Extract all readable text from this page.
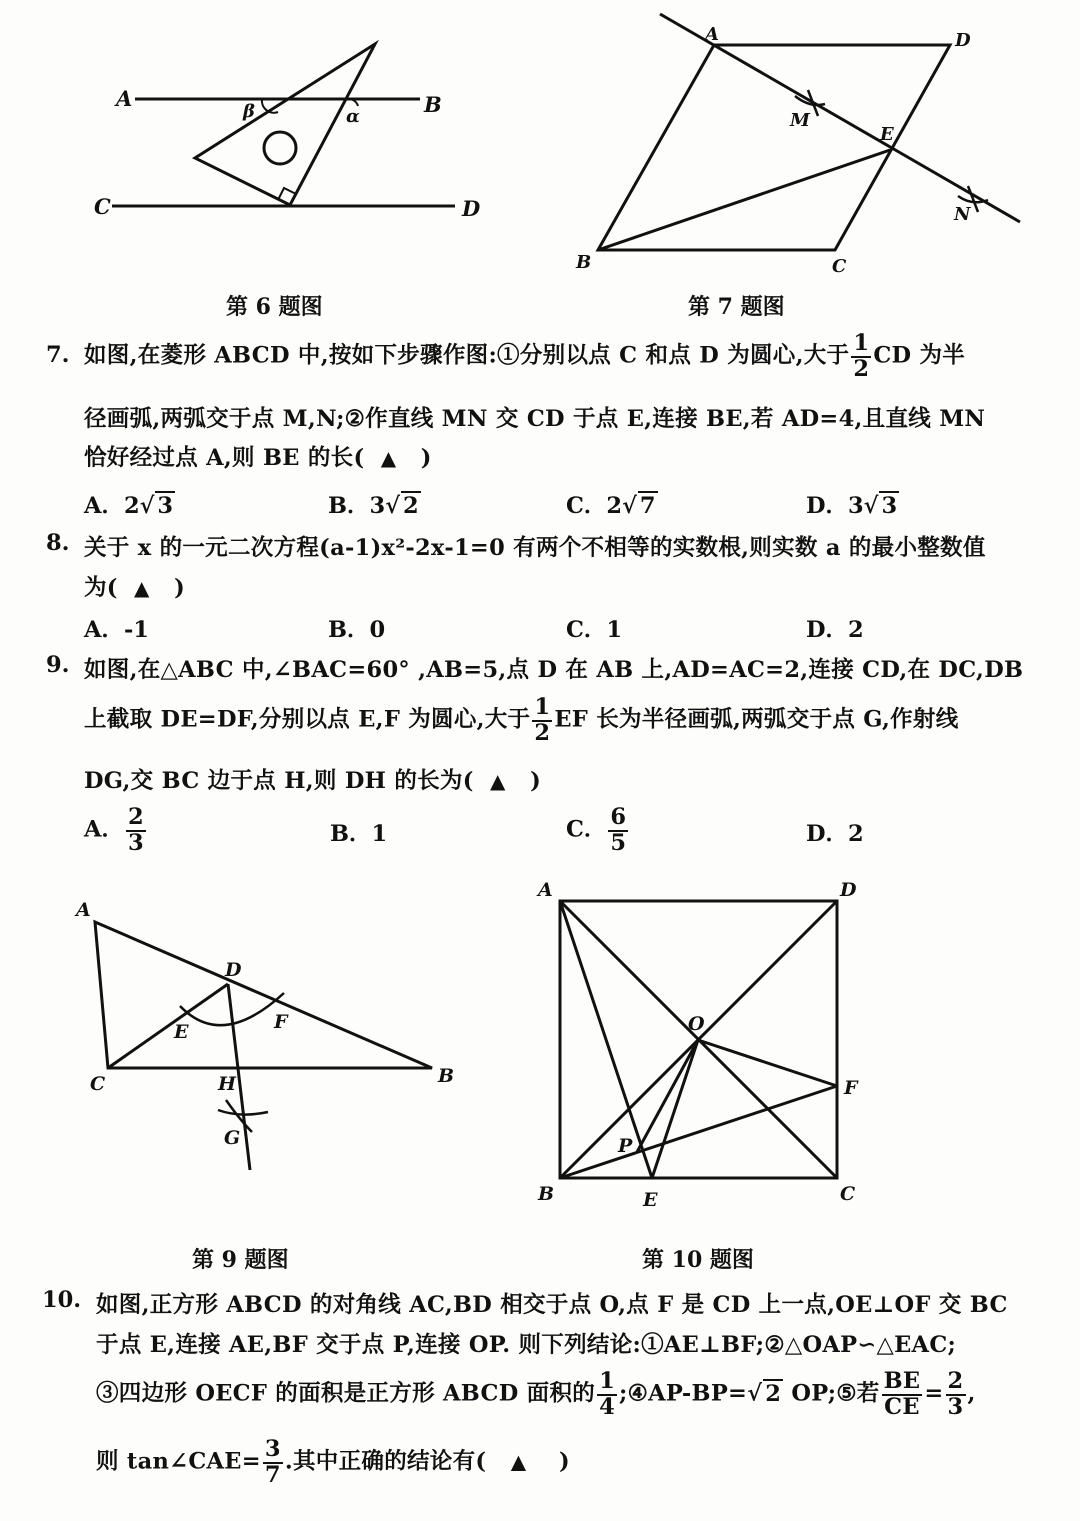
A	B
C	D
β	α
A	D
B	C
E
M
N
A
B
C
D
E	F
G
H
A	D
B	C
E
F
O
P
第 6 题图	第 7 题图
第 9 题图	第 10 题图
7. 如图,在菱形 ABCD 中,按如下步骤作图:①分别以点 C 和点 D 为圆心,大于 $\frac{1}{2}$ CD 为半
径画弧,两弧交于点 M,N;②作直线 MN 交 CD 于点 E,连接 BE,若 AD=4,且直线 MN
恰好经过点 A,则 BE 的长( ▲ )
A．2√ 3	B．3√ 2	C．2√ 7	D．3√ 3
8. 关于 x 的一元二次方程(a-1)x²-2x-1=0 有两个不相等的实数根,则实数 a 的最小整数值
为( ▲ )
A．-1	B．0	C．1	D．2
9. 如图,在△ABC 中,∠BAC=60° ,AB=5,点 D 在 AB 上,AD=AC=2,连接 CD,在 DC,DB
上截取 DE=DF,分别以点 E,F 为圆心,大于 $\frac{1}{2}$ EF 长为半径画弧,两弧交于点 G,作射线
DG,交 BC 边于点 H,则 DH 的长为( ▲ )
A． $\frac{2}{3}$	B．1	C． $\frac{6}{5}$	D．2
10. 如图,正方形 ABCD 的对角线 AC,BD 相交于点 O,点 F 是 CD 上一点,OE⊥OF 交 BC
于点 E,连接 AE,BF 交于点 P,连接 OP. 则下列结论:①AE⊥BF;②△OAP∽△EAC;
③四边形 OECF 的面积是正方形 ABCD 面积的 $\frac{1}{4}$ ;④AP-BP=√ 2 OP;⑤若 $\frac{BE}{CE} = \frac{2}{3}$ ,
则 tan∠CAE= $\frac{3}{7}$ .其中正确的结论有( ▲ )
